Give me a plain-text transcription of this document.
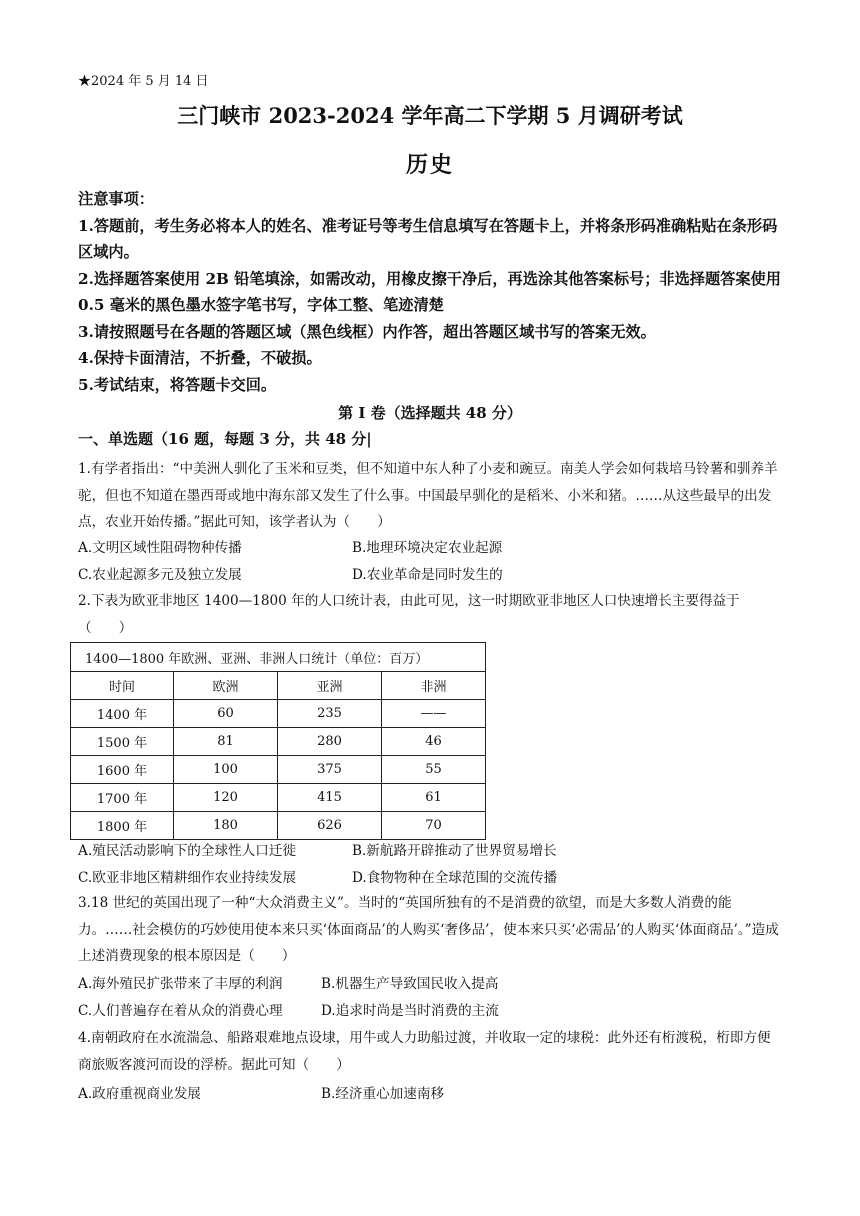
★2024 年 5 月 14 日
三门峡市 2023-2024 学年高二下学期 5 月调研考试
历史

注意事项：

1.答题前，考生务必将本人的姓名、准考证号等考生信息填写在答题卡上，并将条形码准确粘贴在条形码区域内。

2.选择题答案使用 2B 铅笔填涂，如需改动，用橡皮擦干净后，再选涂其他答案标号；非选择题答案使用 0.5 毫米的黑色墨水签字笔书写，字体工整、笔迹清楚

3.请按照题号在各题的答题区域（黑色线框）内作答，超出答题区域书写的答案无效。

4.保持卡面清洁，不折叠，不破损。

5.考试结束，将答题卡交回。

第 I 卷（选择题共 48 分）
一、单选题（16 题，每题 3 分，共 48 分|

1.有学者指出：“中美洲人驯化了玉米和豆类，但不知道中东人种了小麦和豌豆。南美人学会如何栽培马铃薯和驯养羊驼，但也不知道在墨西哥或地中海东部又发生了什么事。中国最早驯化的是稻米、小米和猪。……从这些最早的出发点，农业开始传播。”据此可知，该学者认为（　　）

A.文明区域性阻碍物种传播	B.地理环境决定农业起源
C.农业起源多元及独立发展	D.农业革命是同时发生的

2.下表为欧亚非地区 1400—1800 年的人口统计表，由此可见，这一时期欧亚非地区人口快速增长主要得益于（　　）

1400—1800 年欧洲、亚洲、非洲人口统计（单位：百万）			
时间	欧洲	亚洲	非洲
1400 年	60	235	——
1500 年	81	280	46
1600 年	100	375	55
1700 年	120	415	61
1800 年	180	626	70
A.殖民活动影响下的全球性人口迁徙	B.新航路开辟推动了世界贸易增长
C.欧亚非地区精耕细作农业持续发展	D.食物物种在全球范围的交流传播

3.18 世纪的英国出现了一种“大众消费主义”。当时的“英国所独有的不是消费的欲望，而是大多数人消费的能力。……社会模仿的巧妙使用使本来只买‘体面商品’的人购买‘奢侈品’，使本来只买‘必需品’的人购买‘体面商品’。”造成上述消费现象的根本原因是（　　）

A.海外殖民扩张带来了丰厚的利润	B.机器生产导致国民收入提高
C.人们普遍存在着从众的消费心理	D.追求时尚是当时消费的主流

4.南朝政府在水流湍急、船路艰难地点设埭，用牛或人力助船过渡，并收取一定的埭税：此外还有桁渡税，桁即方便商旅贩客渡河而设的浮桥。据此可知（　　）

A.政府重视商业发展	B.经济重心加速南移
